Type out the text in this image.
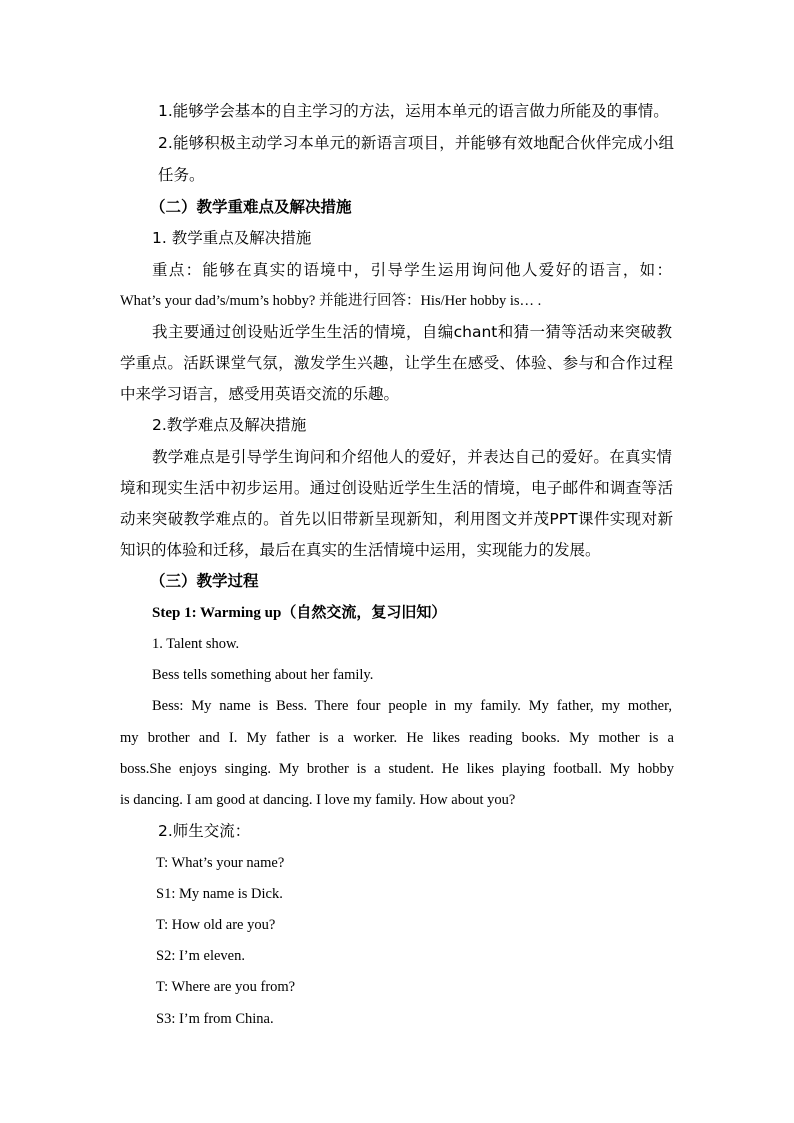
1.能够学会基本的自主学习的方法，运用本单元的语言做力所能及的事情。
2.能够积极主动学习本单元的新语言项目，并能够有效地配合伙伴完成小组
任务。
（二）教学重难点及解决措施
1. 教学重点及解决措施
重点：能够在真实的语境中，引导学生运用询问他人爱好的语言，如：
What’s your dad’s/mum’s hobby? 并能进行回答：His/Her hobby is… .
我主要通过创设贴近学生生活的情境，自编chant和猜一猜等活动来突破教
学重点。活跃课堂气氛，激发学生兴趣，让学生在感受、体验、参与和合作过程
中来学习语言，感受用英语交流的乐趣。
2.教学难点及解决措施
教学难点是引导学生询问和介绍他人的爱好，并表达自己的爱好。在真实情
境和现实生活中初步运用。通过创设贴近学生生活的情境，电子邮件和调查等活
动来突破教学难点的。首先以旧带新呈现新知，利用图文并茂PPT课件实现对新
知识的体验和迁移，最后在真实的生活情境中运用，实现能力的发展。
（三）教学过程
Step 1: Warming up（自然交流，复习旧知）
1. Talent show.
Bess tells something about her family.
Bess: My name is Bess. There four people in my family. My father, my mother,
my brother and I. My father is a worker. He likes reading books. My mother is a
boss.She enjoys singing. My brother is a student. He likes playing football. My hobby
is dancing. I am good at dancing. I love my family. How about you?
2.师生交流：
T: What’s your name?
S1: My name is Dick.
T: How old are you?
S2: I’m eleven.
T: Where are you from?
S3: I’m from China.
